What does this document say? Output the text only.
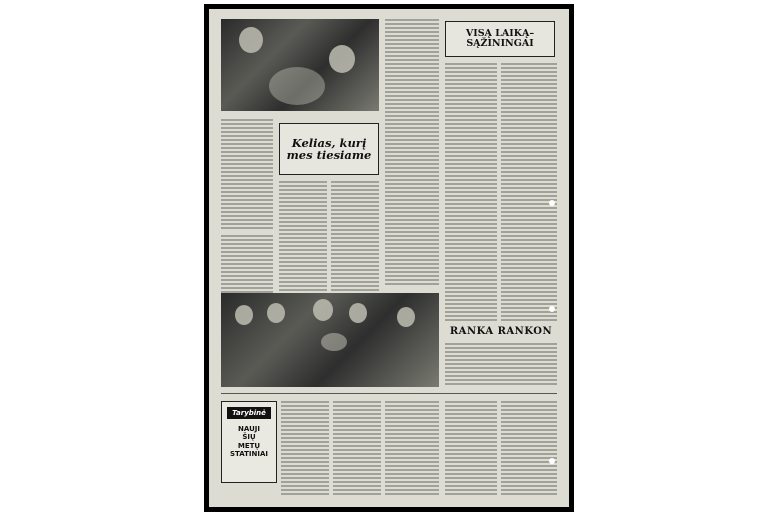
Kelias, kurį
mes tiesiame
VISĄ LAIKĄ–
SĄŽININGAI
RANKA RANKON
Tarybinė
NAUJI
ŠIŲ
METŲ
STATINIAI
